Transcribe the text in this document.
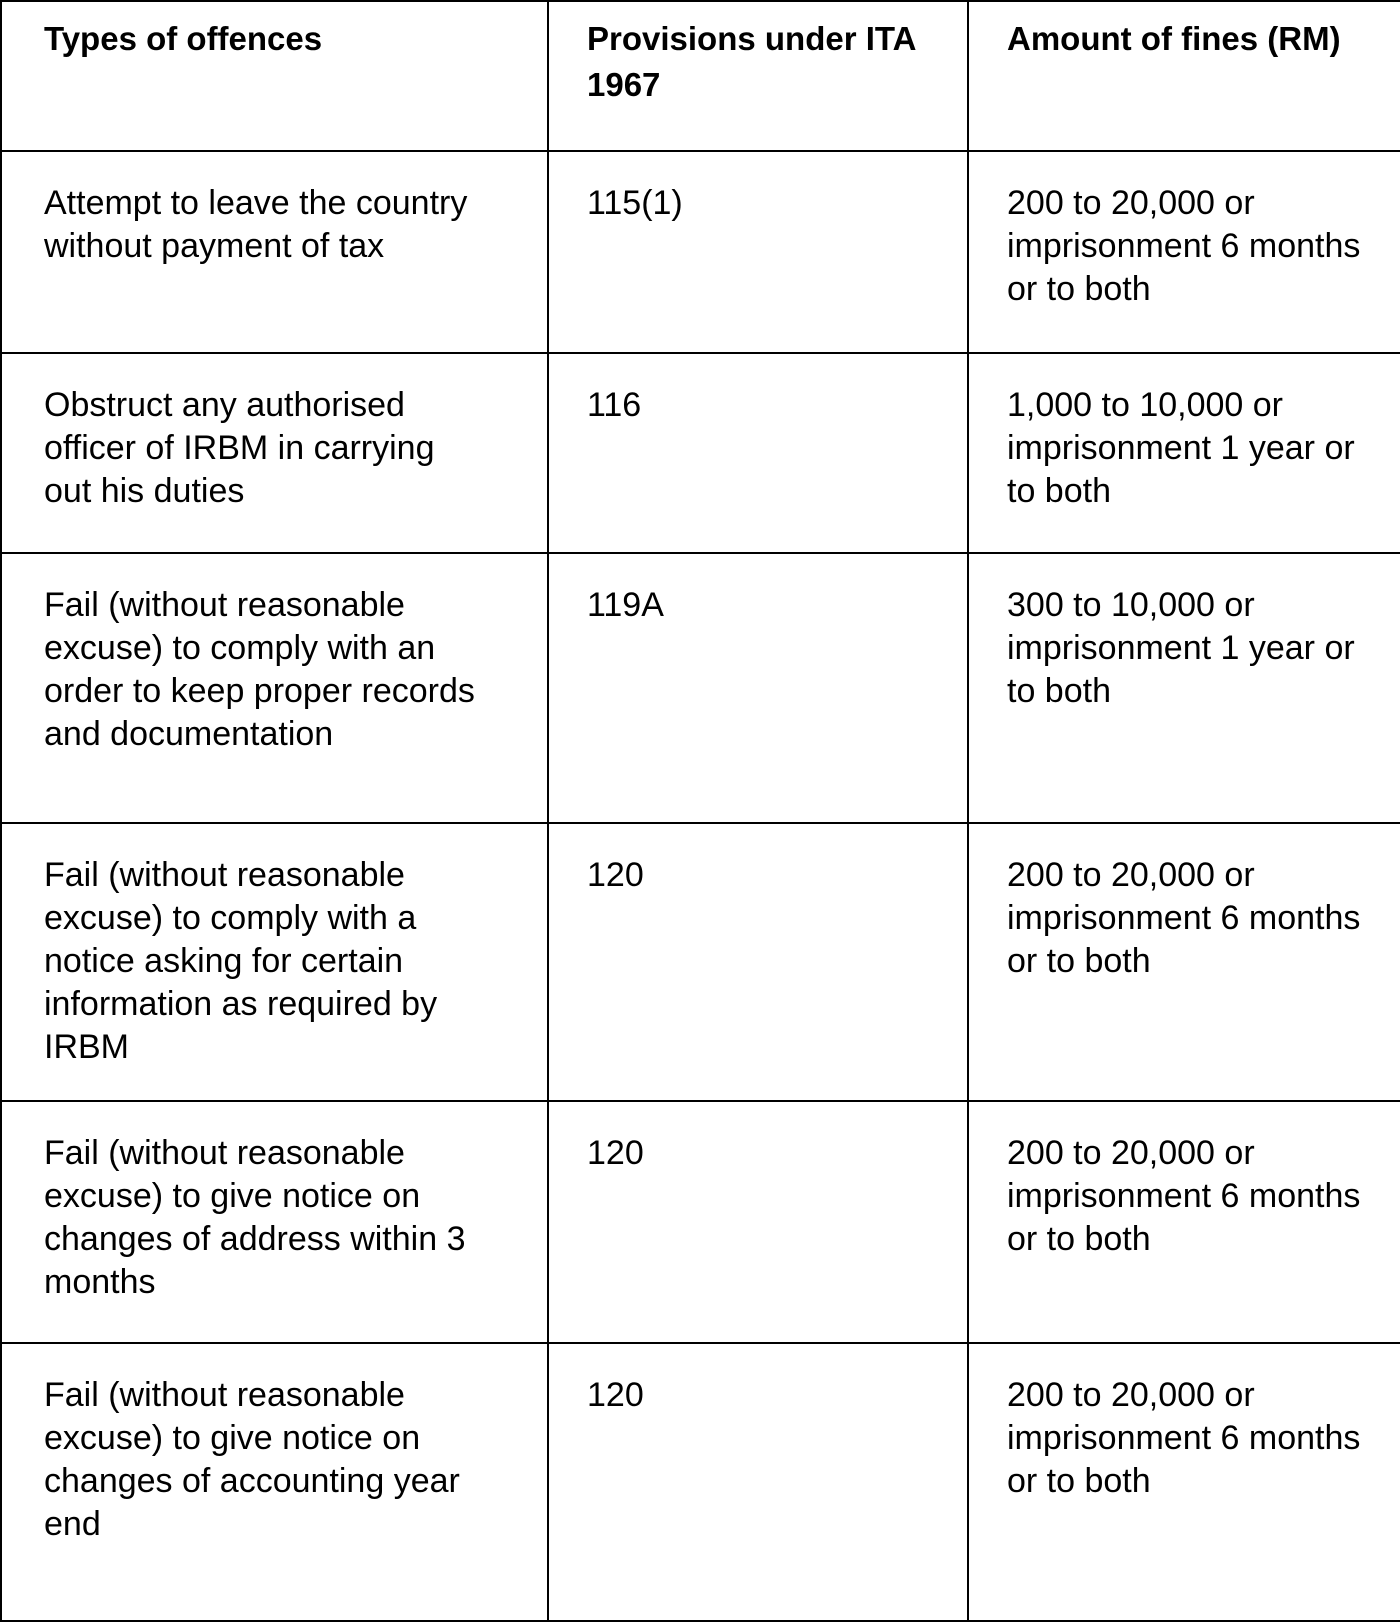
Types of offences	Provisions under ITA 1967	Amount of fines (RM)

Attempt to leave the country without payment of tax	115(1)	200 to 20,000 or imprisonment 6 months or to both

Obstruct any authorised officer of IRBM in carrying out his duties	116	1,000 to 10,000 or imprisonment 1 year or to both

Fail (without reasonable excuse) to comply with an order to keep proper records and documentation	119A	300 to 10,000 or imprisonment 1 year or to both

Fail (without reasonable excuse) to comply with a notice asking for certain information as required by IRBM	120	200 to 20,000 or imprisonment 6 months or to both

Fail (without reasonable excuse) to give notice on changes of address within 3 months	120	200 to 20,000 or imprisonment 6 months or to both

Fail (without reasonable excuse) to give notice on changes of accounting year end	120	200 to 20,000 or imprisonment 6 months or to both
